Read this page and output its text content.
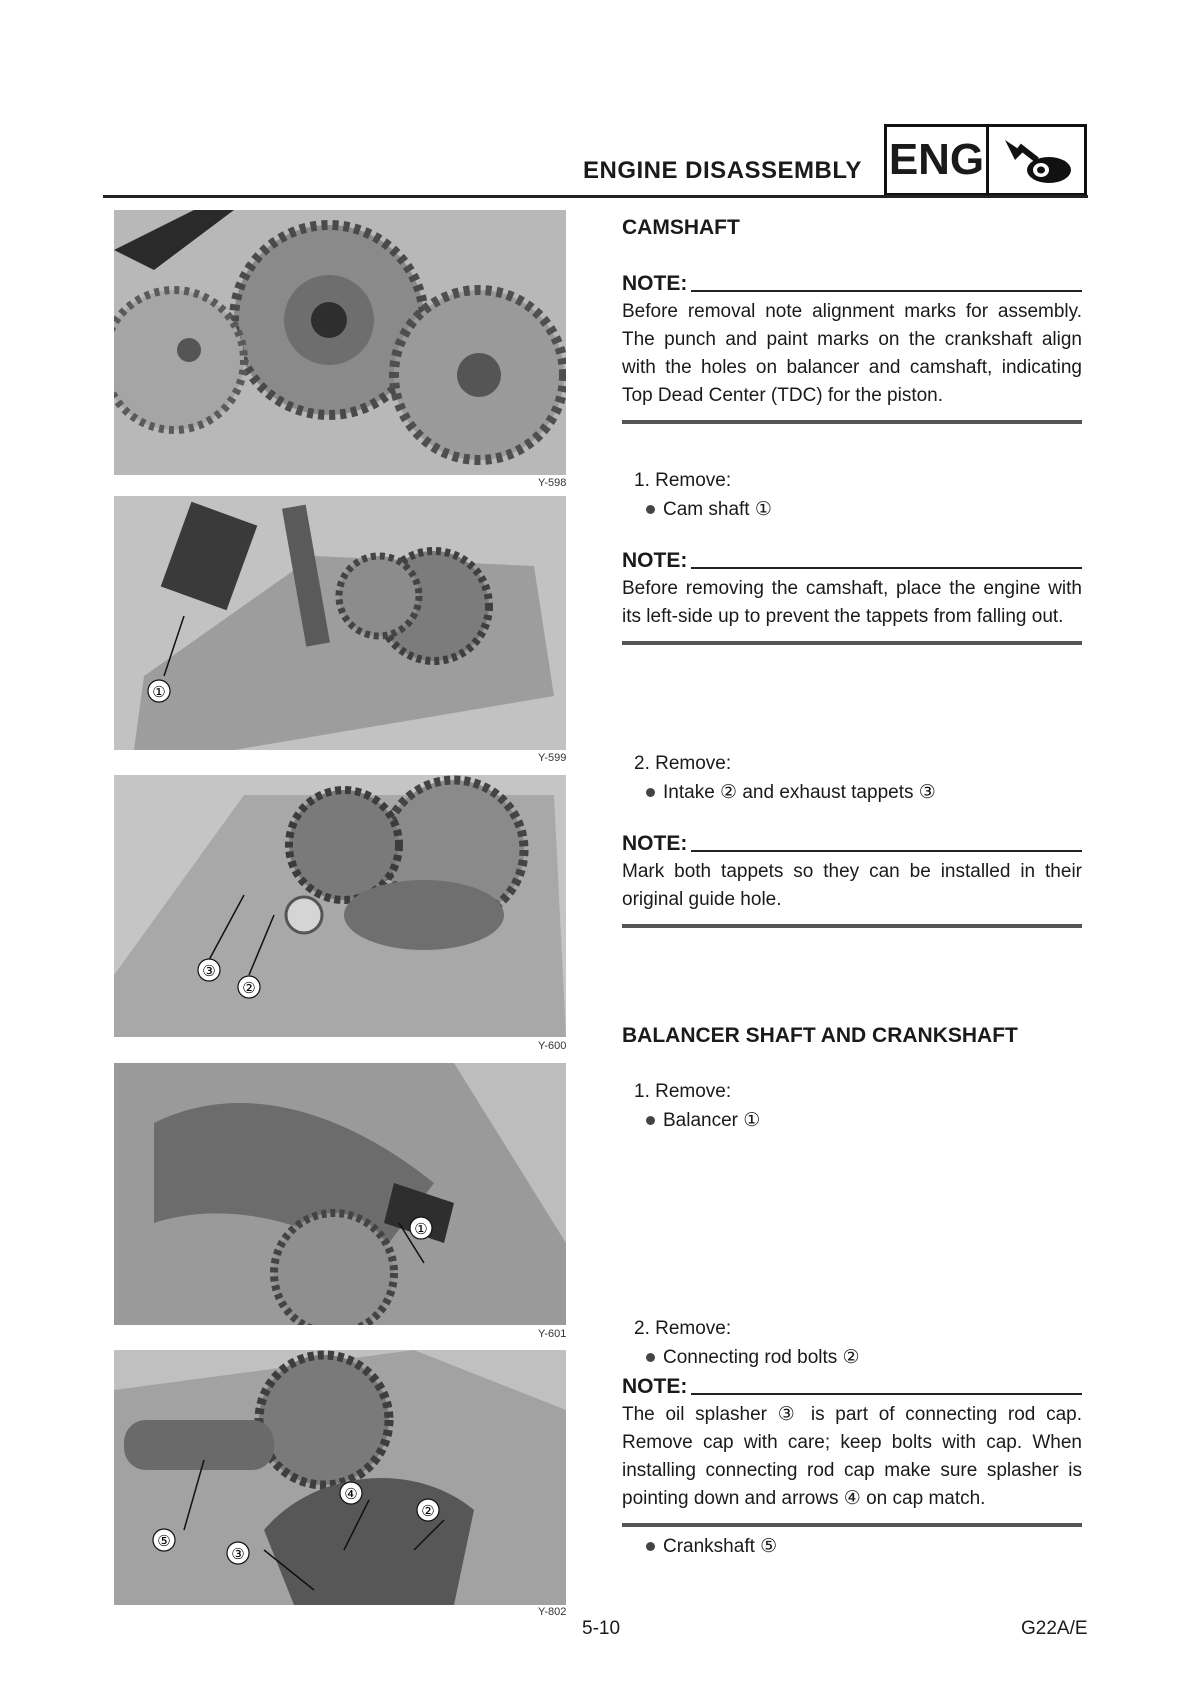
ENGINE DISASSEMBLY ENG
Y-598
①
Y-599
③
②
Y-600
①
Y-601
⑤
③
④
②
Y-802
CAMSHAFT
NOTE:
Before removal note alignment marks for assembly. The punch and paint marks on the crankshaft align with the holes on balancer and camshaft, indicating Top Dead Center (TDC) for the piston.
1. Remove:
Cam shaft ①
NOTE:
Before removing the camshaft, place the engine with its left-side up to prevent the tappets from falling out.
2. Remove:
Intake ② and exhaust tappets ③
NOTE:
Mark both tappets so they can be installed in their original guide hole.
BALANCER SHAFT AND CRANKSHAFT
1. Remove:
Balancer ①
2. Remove:
Connecting rod bolts ②
NOTE:
The oil splasher ③ is part of connecting rod cap. Remove cap with care; keep bolts with cap. When installing connecting rod cap make sure splasher is pointing down and arrows ④ on cap match.
Crankshaft ⑤
5-10	G22A/E
